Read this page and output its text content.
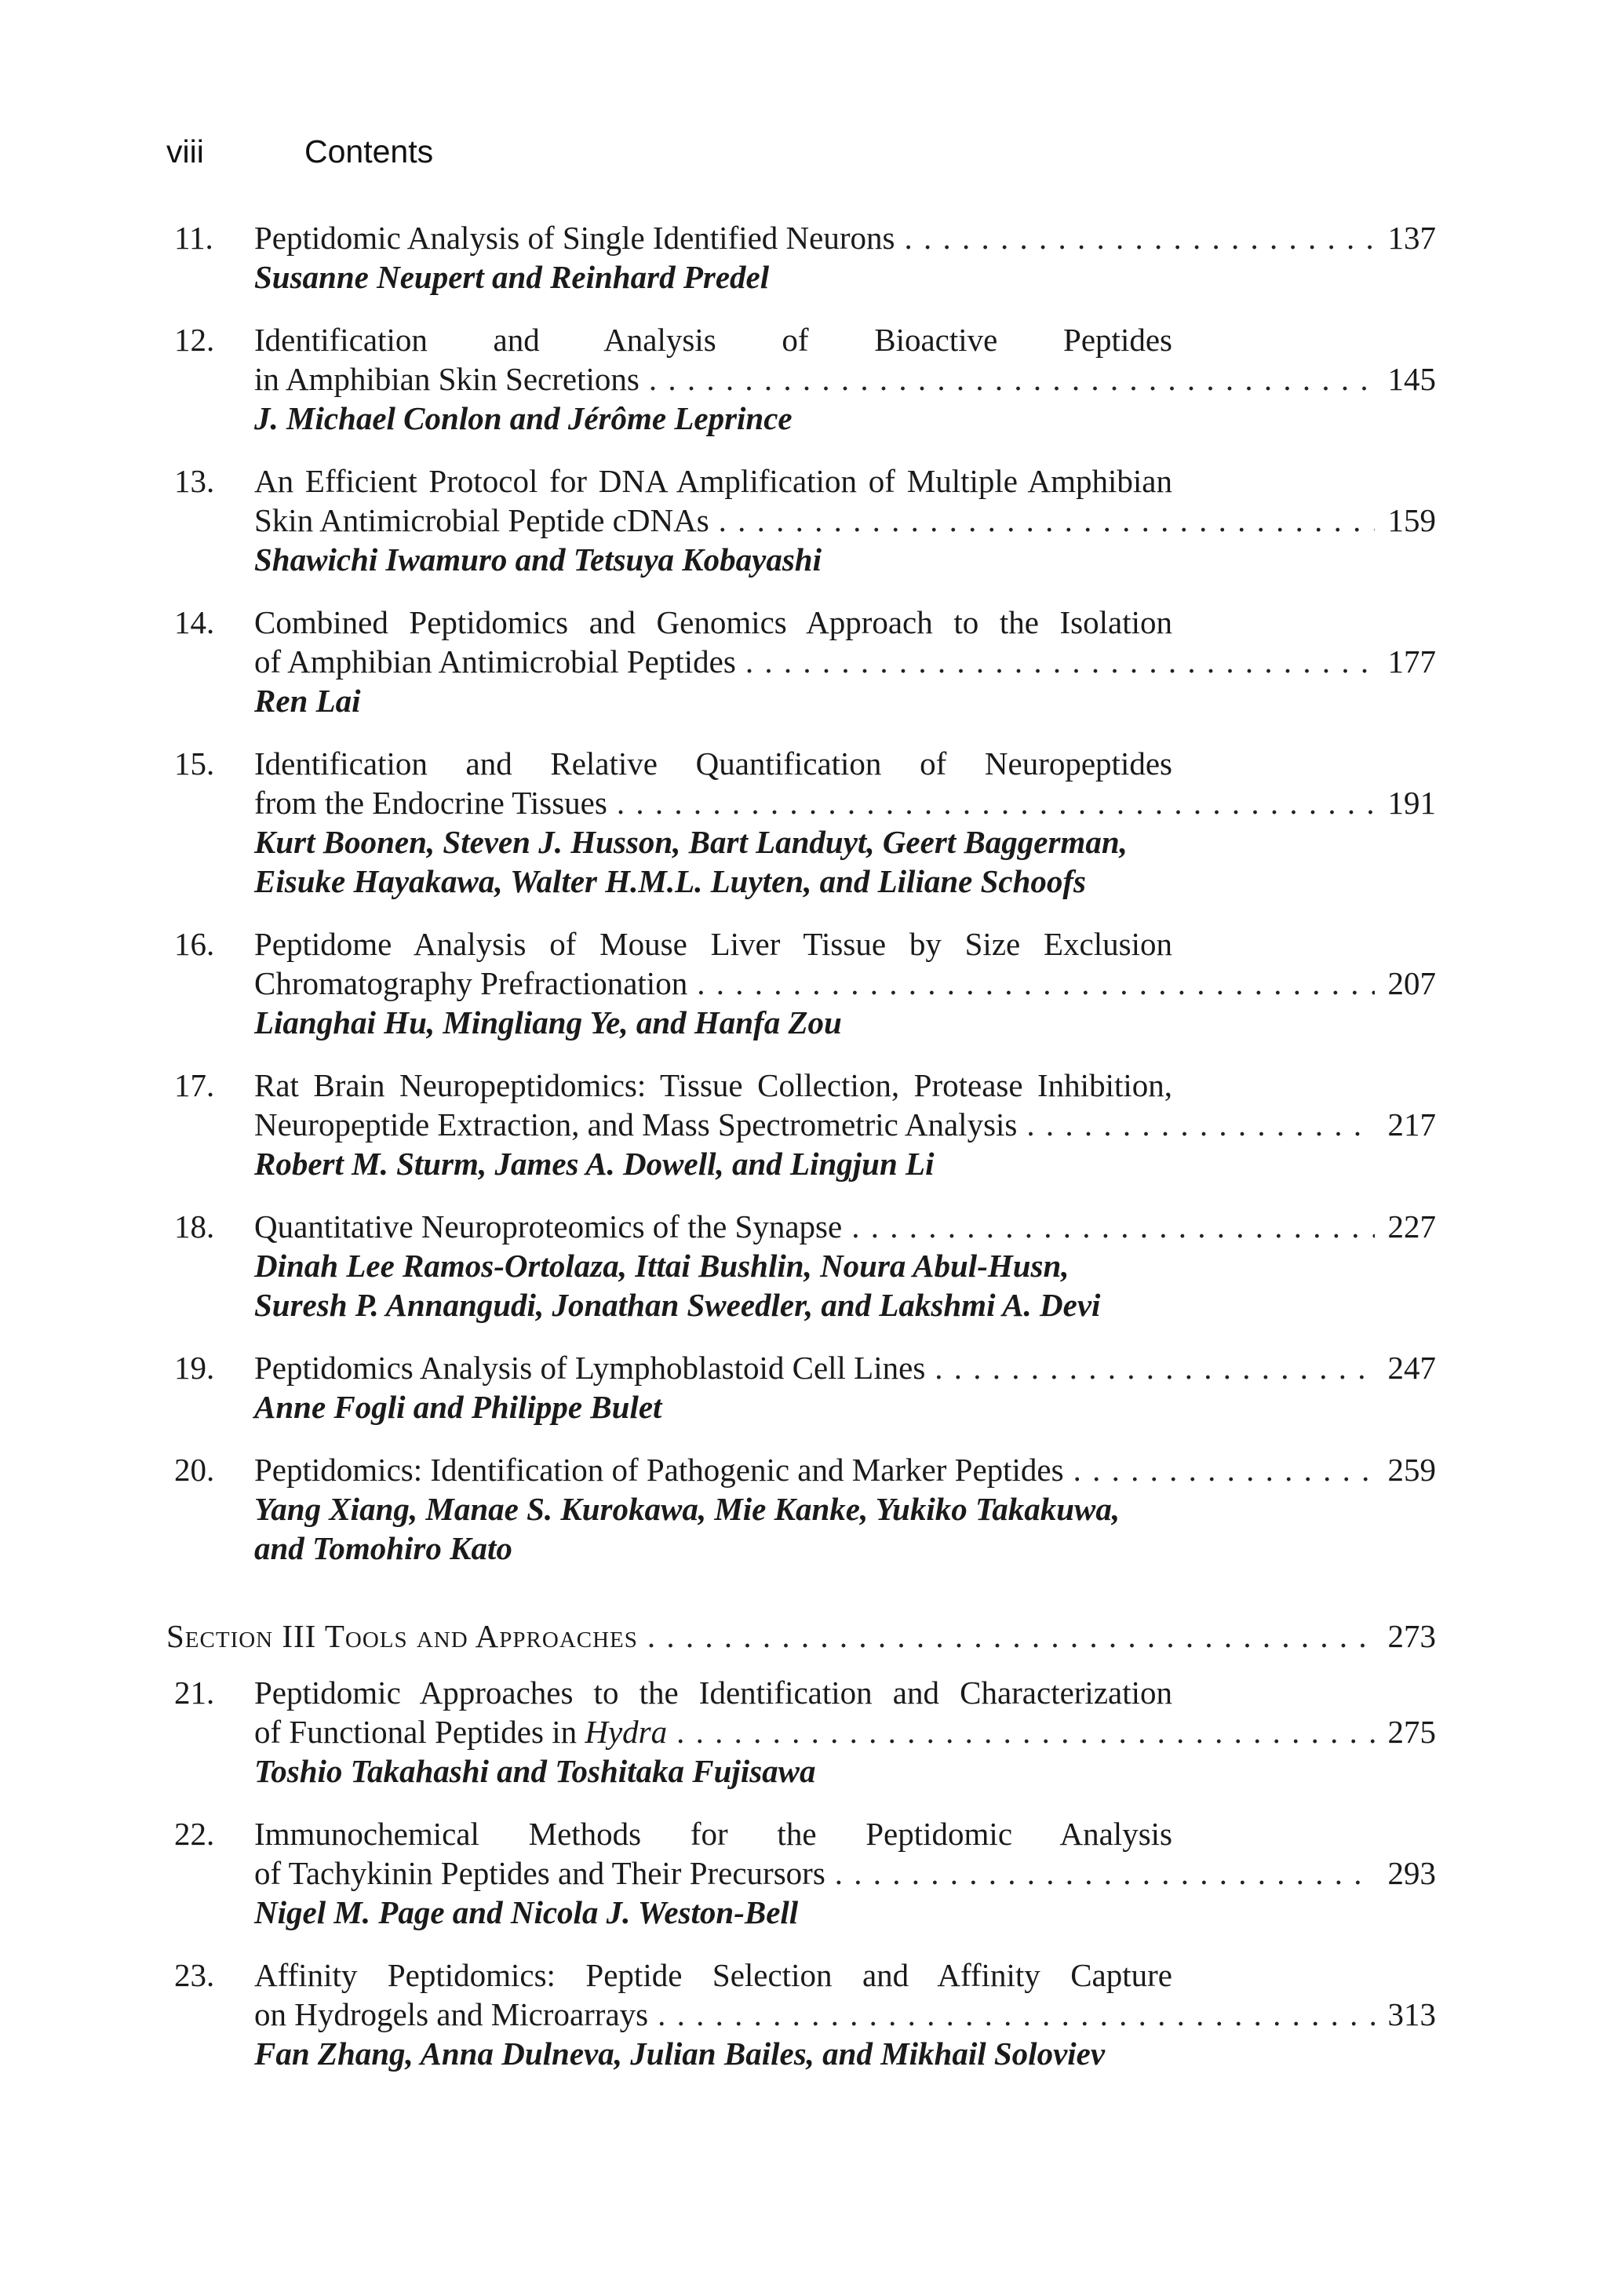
viii	Contents
11.	Peptidomic Analysis of Single Identified Neurons . . .	137
Susanne Neupert and Reinhard Predel
12.	Identification and Analysis of Bioactive Peptides
in Amphibian Skin Secretions . . .	145
J. Michael Conlon and Jérôme Leprince
13.	An Efficient Protocol for DNA Amplification of Multiple Amphibian
Skin Antimicrobial Peptide cDNAs . . .	159
Shawichi Iwamuro and Tetsuya Kobayashi
14.	Combined Peptidomics and Genomics Approach to the Isolation
of Amphibian Antimicrobial Peptides . . .	177
Ren Lai
15.	Identification and Relative Quantification of Neuropeptides
from the Endocrine Tissues . . .	191
Kurt Boonen, Steven J. Husson, Bart Landuyt, Geert Baggerman,
Eisuke Hayakawa, Walter H.M.L. Luyten, and Liliane Schoofs
16.	Peptidome Analysis of Mouse Liver Tissue by Size Exclusion
Chromatography Prefractionation . . .	207
Lianghai Hu, Mingliang Ye, and Hanfa Zou
17.	Rat Brain Neuropeptidomics: Tissue Collection, Protease Inhibition,
Neuropeptide Extraction, and Mass Spectrometric Analysis . . .	217
Robert M. Sturm, James A. Dowell, and Lingjun Li
18.	Quantitative Neuroproteomics of the Synapse . . .	227
Dinah Lee Ramos-Ortolaza, Ittai Bushlin, Noura Abul-Husn,
Suresh P. Annangudi, Jonathan Sweedler, and Lakshmi A. Devi
19.	Peptidomics Analysis of Lymphoblastoid Cell Lines . . .	247
Anne Fogli and Philippe Bulet
20.	Peptidomics: Identification of Pathogenic and Marker Peptides . . .	259
Yang Xiang, Manae S. Kurokawa, Mie Kanke, Yukiko Takakuwa,
and Tomohiro Kato
Section III Tools and Approaches . . .	273
21.	Peptidomic Approaches to the Identification and Characterization
of Functional Peptides in Hydra . . .	275
Toshio Takahashi and Toshitaka Fujisawa
22.	Immunochemical Methods for the Peptidomic Analysis
of Tachykinin Peptides and Their Precursors . . .	293
Nigel M. Page and Nicola J. Weston-Bell
23.	Affinity Peptidomics: Peptide Selection and Affinity Capture
on Hydrogels and Microarrays . . .	313
Fan Zhang, Anna Dulneva, Julian Bailes, and Mikhail Soloviev
